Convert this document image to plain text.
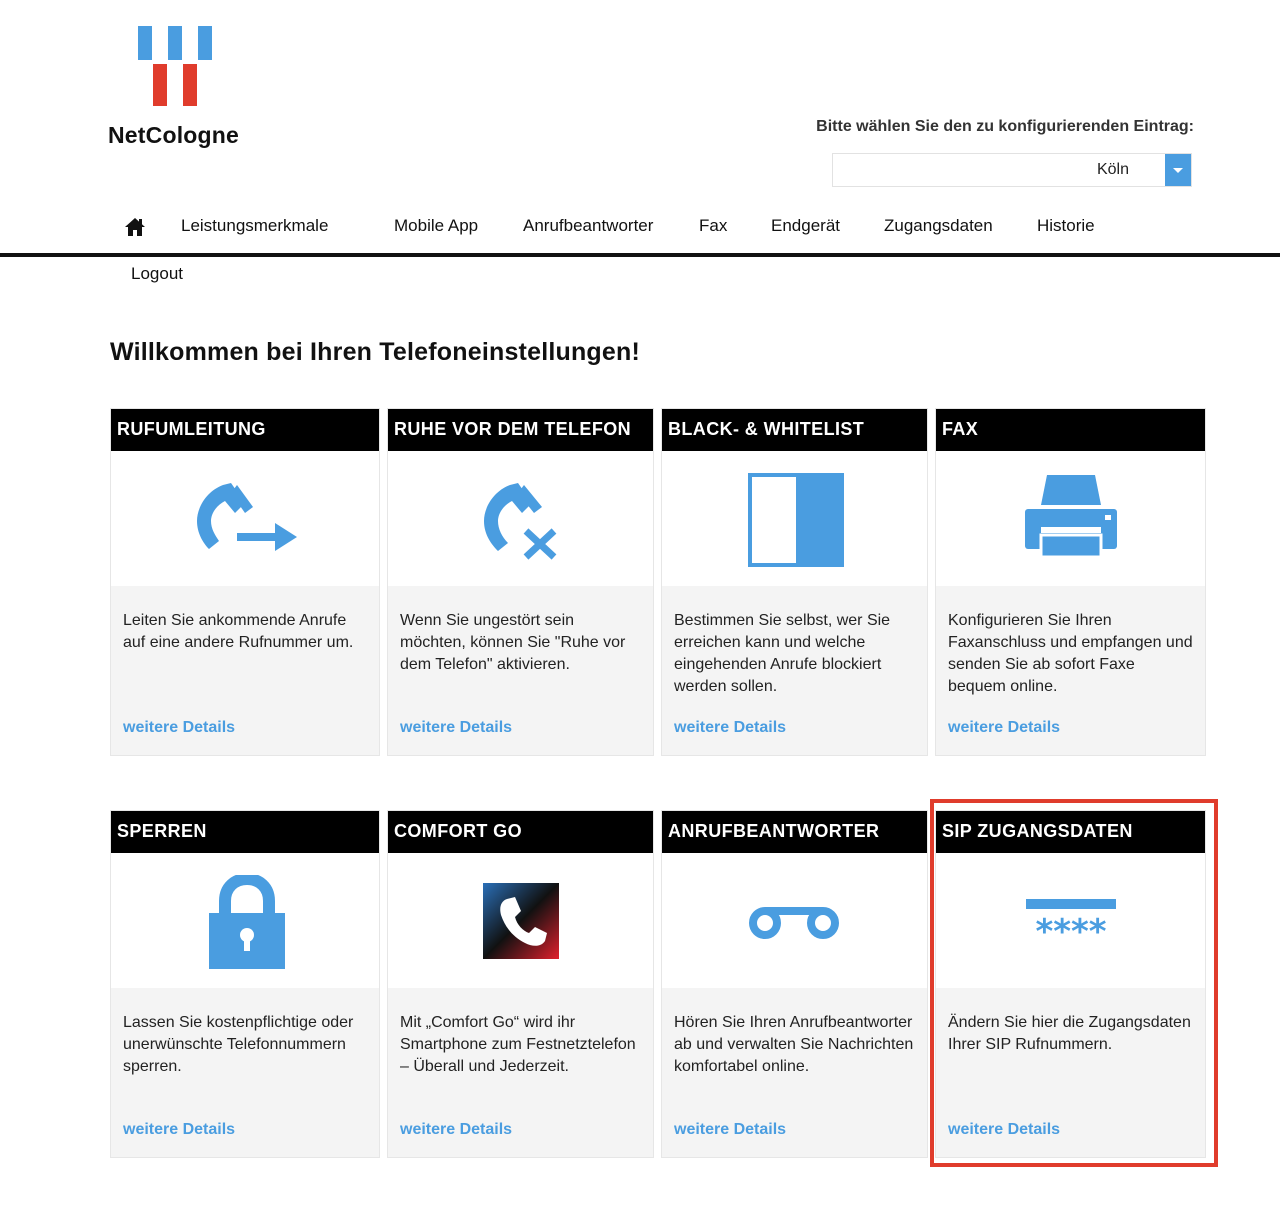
NetCologne	Bitte wählen Sie den zu konfigurierenden Eintrag:
Köln
Leistungsmerkmale	Mobile App	Anrufbeantworter	Fax	Endgerät	Zugangsdaten	Historie
Logout
Willkommen bei Ihren Telefoneinstellungen!
RUFUMLEITUNG
Leiten Sie ankommende Anrufe auf eine andere Rufnummer um.
weitere Details
RUHE VOR DEM TELEFON
Wenn Sie ungestört sein möchten, können Sie "Ruhe vor dem Telefon" aktivieren.
weitere Details
BLACK- & WHITELIST
Bestimmen Sie selbst, wer Sie erreichen kann und welche eingehenden Anrufe blockiert werden sollen.
weitere Details
FAX
Konfigurieren Sie Ihren Faxanschluss und empfangen und senden Sie ab sofort Faxe bequem online.
weitere Details
SPERREN
Lassen Sie kostenpflichtige oder unerwünschte Telefonnummern sperren.
weitere Details
COMFORT GO
Mit „Comfort Go“ wird ihr Smartphone zum Festnetztelefon – Überall und Jederzeit.
weitere Details
ANRUFBEANTWORTER
Hören Sie Ihren Anrufbeantworter ab und verwalten Sie Nachrichten komfortabel online.
weitere Details
SIP ZUGANGSDATEN
****
Ändern Sie hier die Zugangsdaten Ihrer SIP Rufnummern.
weitere Details
